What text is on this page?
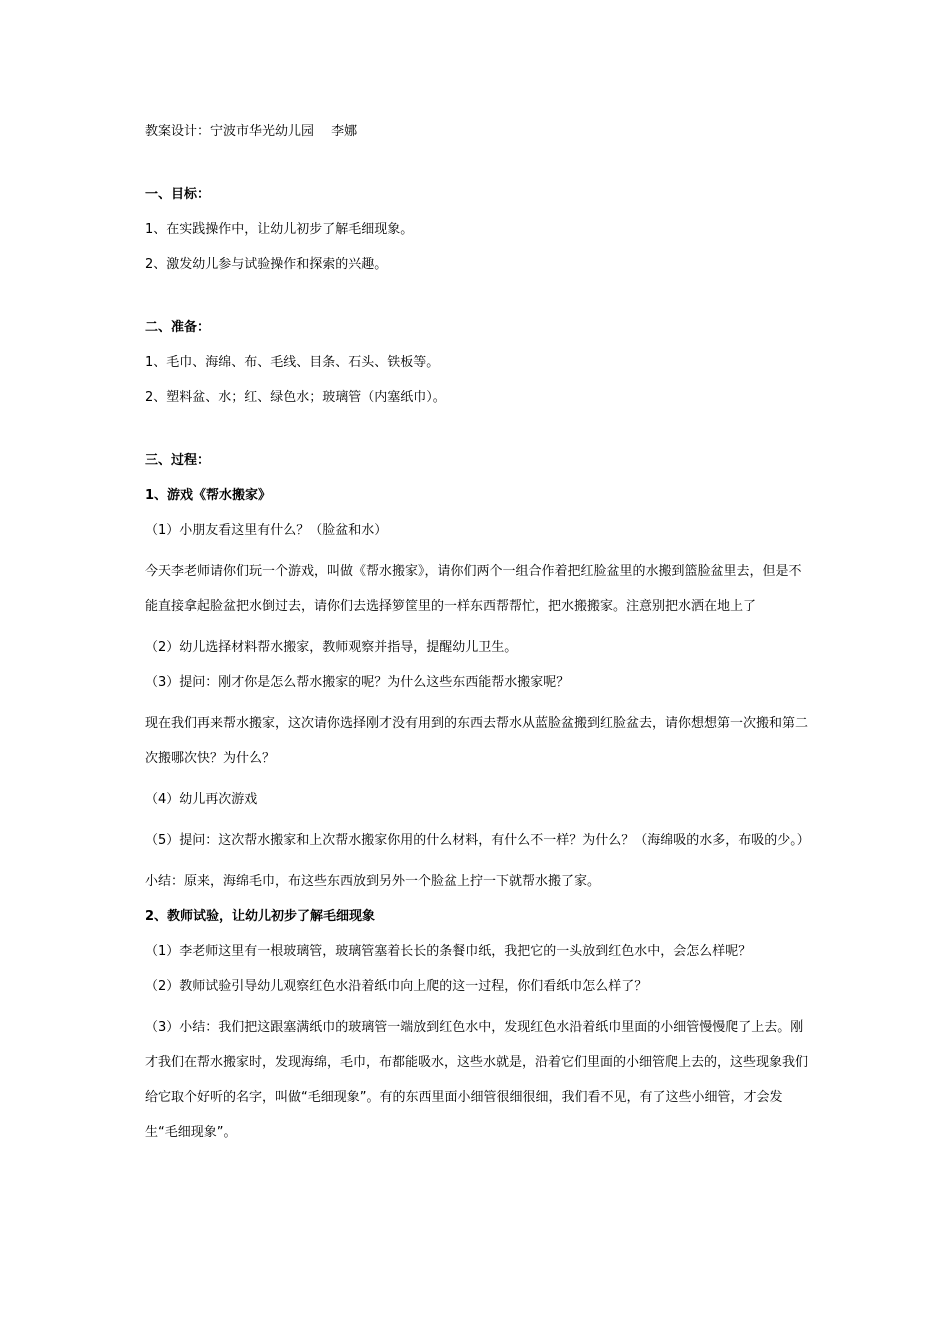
教案设计：宁波市华光幼儿园　 李娜
一、目标：
1、在实践操作中，让幼儿初步了解毛细现象。
2、激发幼儿参与试验操作和探索的兴趣。
二、准备：
1、毛巾、海绵、布、毛线、目条、石头、铁板等。
2、塑料盆、水；红、绿色水；玻璃管（内塞纸巾）。
三、过程：
1、游戏《帮水搬家》
（1）小朋友看这里有什么？（脸盆和水）
今天李老师请你们玩一个游戏，叫做《帮水搬家》，请你们两个一组合作着把红脸盆里的水搬到篮脸盆里去，但是不能直接拿起脸盆把水倒过去，请你们去选择箩筐里的一样东西帮帮忙，把水搬搬家。注意别把水洒在地上了
（2）幼儿选择材料帮水搬家，教师观察并指导，提醒幼儿卫生。
（3）提问：刚才你是怎么帮水搬家的呢？为什么这些东西能帮水搬家呢？
现在我们再来帮水搬家，这次请你选择刚才没有用到的东西去帮水从蓝脸盆搬到红脸盆去，请你想想第一次搬和第二次搬哪次快？为什么？
（4）幼儿再次游戏
（5）提问：这次帮水搬家和上次帮水搬家你用的什么材料，有什么不一样？为什么？（海绵吸的水多，布吸的少。）
小结：原来，海绵毛巾，布这些东西放到另外一个脸盆上拧一下就帮水搬了家。
2、教师试验，让幼儿初步了解毛细现象
（1）李老师这里有一根玻璃管，玻璃管塞着长长的条餐巾纸，我把它的一头放到红色水中，会怎么样呢？
（2）教师试验引导幼儿观察红色水沿着纸巾向上爬的这一过程，你们看纸巾怎么样了？
（3）小结：我们把这跟塞满纸巾的玻璃管一端放到红色水中，发现红色水沿着纸巾里面的小细管慢慢爬了上去。刚才我们在帮水搬家时，发现海绵，毛巾，布都能吸水，这些水就是，沿着它们里面的小细管爬上去的，这些现象我们给它取个好听的名字，叫做“毛细现象”。有的东西里面小细管很细很细，我们看不见，有了这些小细管，才会发生“毛细现象”。
